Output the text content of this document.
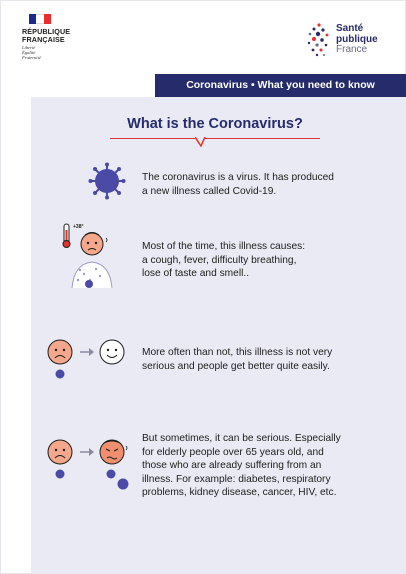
RÉPUBLIQUE
FRANÇAISE
Liberté
Égalité
Fraternité
Santé
publique
France
Coronavirus • What you need to know
What is the Coronavirus?
The coronavirus is a virus. It has produced
a new illness called Covid-19.
+38°
Most of the time, this illness causes:
a cough, fever, difficulty breathing,
lose of taste and smell..
More often than not, this illness is not very
serious and people get better quite easily.
But sometimes, it can be serious. Especially
for elderly people over 65 years old, and
those who are already suffering from an
illness. For example: diabetes, respiratory
problems, kidney disease, cancer, HIV, etc.
